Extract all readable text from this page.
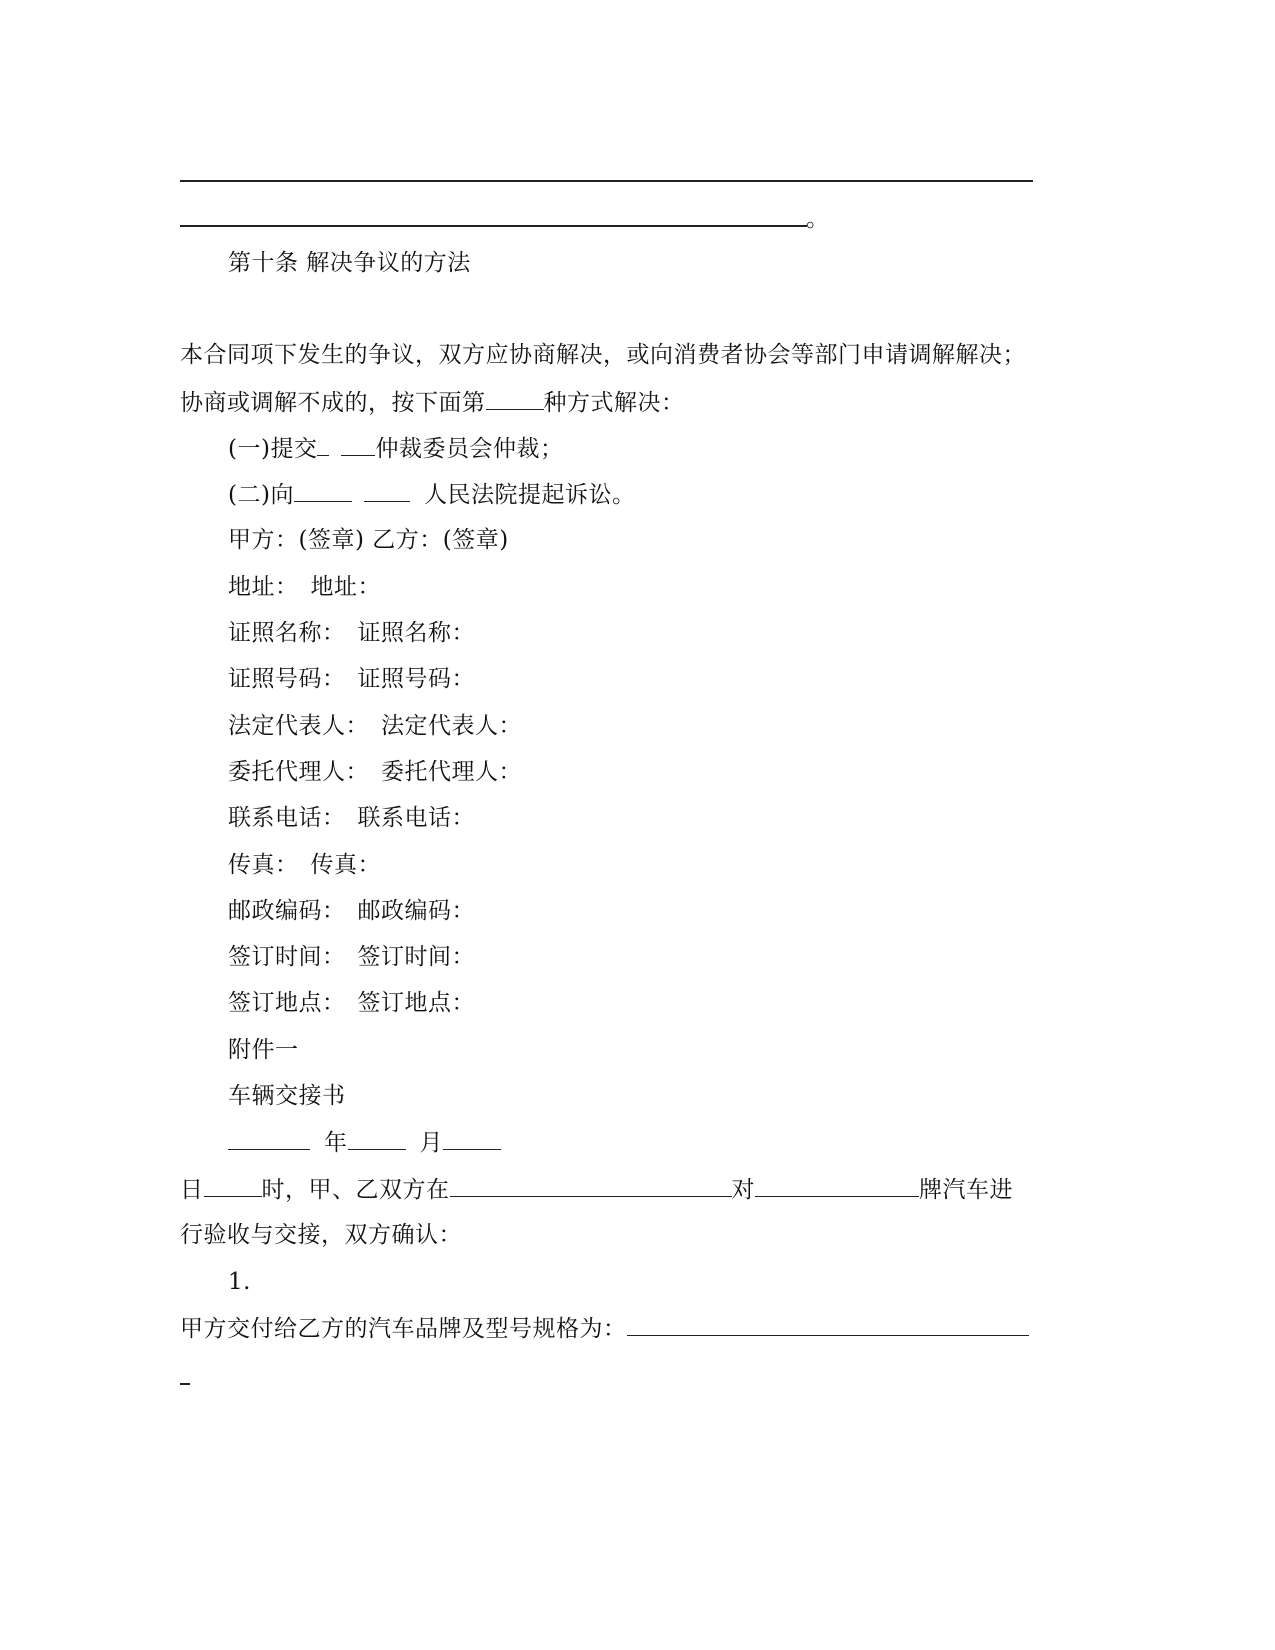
。
第十条 解决争议的方法
本合同项下发生的争议，双方应协商解决，或向消费者协会等部门申请调解解决；
协商或调解不成的，按下面第	种方式解决：
(一)提交	仲裁委员会仲裁；
(二)向	人民法院提起诉讼。
甲方：(签章) 乙方：(签章)
地址：　地址：
证照名称：　证照名称：
证照号码：　证照号码：
法定代表人：　法定代表人：
委托代理人：　委托代理人：
联系电话：　联系电话：
传真：　传真：
邮政编码：　邮政编码：
签订时间：　签订时间：
签订地点：　签订地点：
附件一
车辆交接书
年	月
日	时，甲、乙双方在	对	牌汽车进
行验收与交接，双方确认：
1.
甲方交付给乙方的汽车品牌及型号规格为：
